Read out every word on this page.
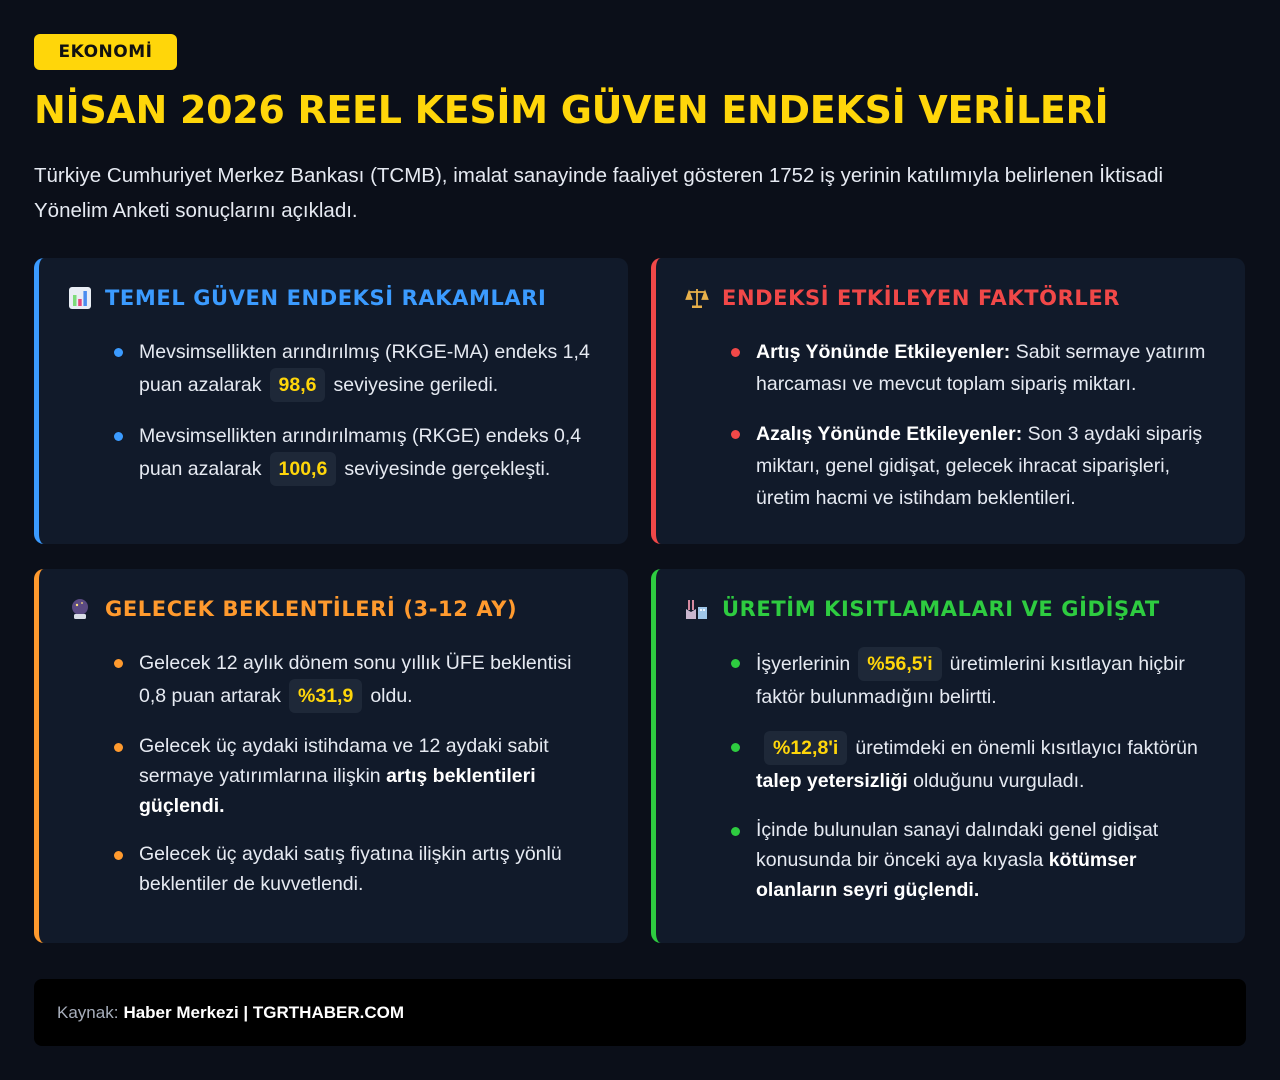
EKONOMİ
NİSAN 2026 REEL KESİM GÜVEN ENDEKSİ VERİLERİ

Türkiye Cumhuriyet Merkez Bankası (TCMB), imalat sanayinde faaliyet gösteren 1752 iş yerinin katılımıyla belirlenen İktisadi Yönelim Anketi sonuçlarını açıkladı.

TEMEL GÜVEN ENDEKSİ RAKAMLARI
Mevsimsellikten arındırılmış (RKGE-MA) endeks 1,4 puan azalarak 98,6 seviyesine geriledi.
Mevsimsellikten arındırılmamış (RKGE) endeks 0,4 puan azalarak 100,6 seviyesinde gerçekleşti.
ENDEKSİ ETKİLEYEN FAKTÖRLER
Artış Yönünde Etkileyenler: Sabit sermaye yatırım harcaması ve mevcut toplam sipariş miktarı.
Azalış Yönünde Etkileyenler: Son 3 aydaki sipariş miktarı, genel gidişat, gelecek ihracat siparişleri, üretim hacmi ve istihdam beklentileri.
GELECEK BEKLENTİLERİ (3-12 AY)
Gelecek 12 aylık dönem sonu yıllık ÜFE beklentisi 0,8 puan artarak %31,9 oldu.
Gelecek üç aydaki istihdama ve 12 aydaki sabit sermaye yatırımlarına ilişkin artış beklentileri güçlendi.
Gelecek üç aydaki satış fiyatına ilişkin artış yönlü beklentiler de kuvvetlendi.
ÜRETİM KISITLAMALARI VE GİDİŞAT
İşyerlerinin %56,5'i üretimlerini kısıtlayan hiçbir faktör bulunmadığını belirtti.
%12,8'i üretimdeki en önemli kısıtlayıcı faktörün talep yetersizliği olduğunu vurguladı.
İçinde bulunulan sanayi dalındaki genel gidişat konusunda bir önceki aya kıyasla kötümser olanların seyri güçlendi.
Kaynak: Haber Merkezi | TGRTHABER.COM
